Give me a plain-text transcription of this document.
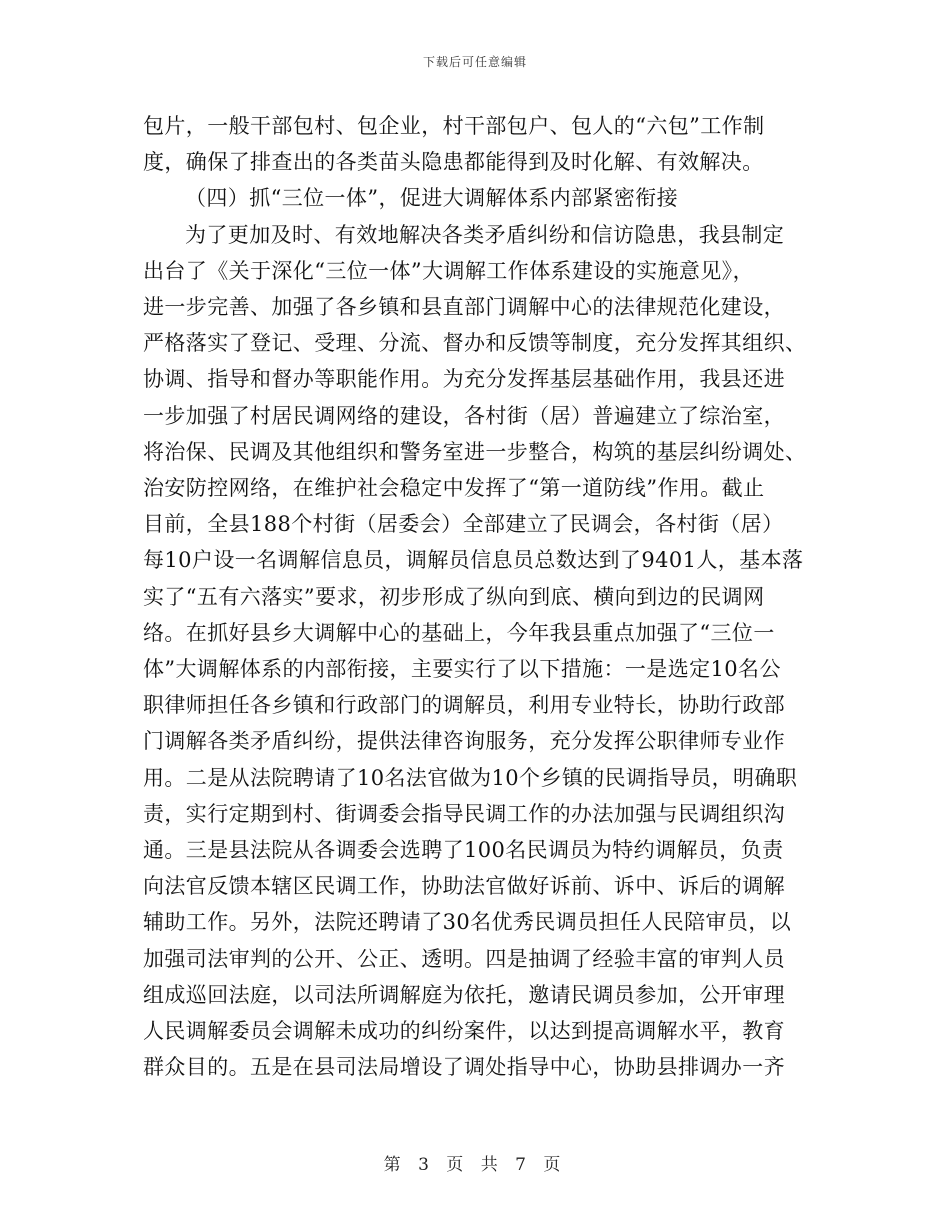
下载后可任意编辑
包片，一般干部包村、包企业，村干部包户、包人的“六包”工作制
度，确保了排查出的各类苗头隐患都能得到及时化解、有效解决。
（四）抓“三位一体”，促进大调解体系内部紧密衔接
为了更加及时、有效地解决各类矛盾纠纷和信访隐患，我县制定
出台了《关于深化“三位一体”大调解工作体系建设的实施意见》，
进一步完善、加强了各乡镇和县直部门调解中心的法律规范化建设，
严格落实了登记、受理、分流、督办和反馈等制度，充分发挥其组织、
协调、指导和督办等职能作用。为充分发挥基层基础作用，我县还进
一步加强了村居民调网络的建设，各村街（居）普遍建立了综治室，
将治保、民调及其他组织和警务室进一步整合，构筑的基层纠纷调处、
治安防控网络，在维护社会稳定中发挥了“第一道防线”作用。截止
目前，全县188个村街（居委会）全部建立了民调会，各村街（居）
每10户设一名调解信息员，调解员信息员总数达到了9401人，基本落
实了“五有六落实”要求，初步形成了纵向到底、横向到边的民调网
络。在抓好县乡大调解中心的基础上，今年我县重点加强了“三位一
体”大调解体系的内部衔接，主要实行了以下措施：一是选定10名公
职律师担任各乡镇和行政部门的调解员，利用专业特长，协助行政部
门调解各类矛盾纠纷，提供法律咨询服务，充分发挥公职律师专业作
用。二是从法院聘请了10名法官做为10个乡镇的民调指导员，明确职
责，实行定期到村、街调委会指导民调工作的办法加强与民调组织沟
通。三是县法院从各调委会选聘了100名民调员为特约调解员，负责
向法官反馈本辖区民调工作，协助法官做好诉前、诉中、诉后的调解
辅助工作。另外，法院还聘请了30名优秀民调员担任人民陪审员，以
加强司法审判的公开、公正、透明。四是抽调了经验丰富的审判人员
组成巡回法庭，以司法所调解庭为依托，邀请民调员参加，公开审理
人民调解委员会调解未成功的纠纷案件，以达到提高调解水平，教育
群众目的。五是在县司法局增设了调处指导中心，协助县排调办一齐
第 3 页 共 7 页
